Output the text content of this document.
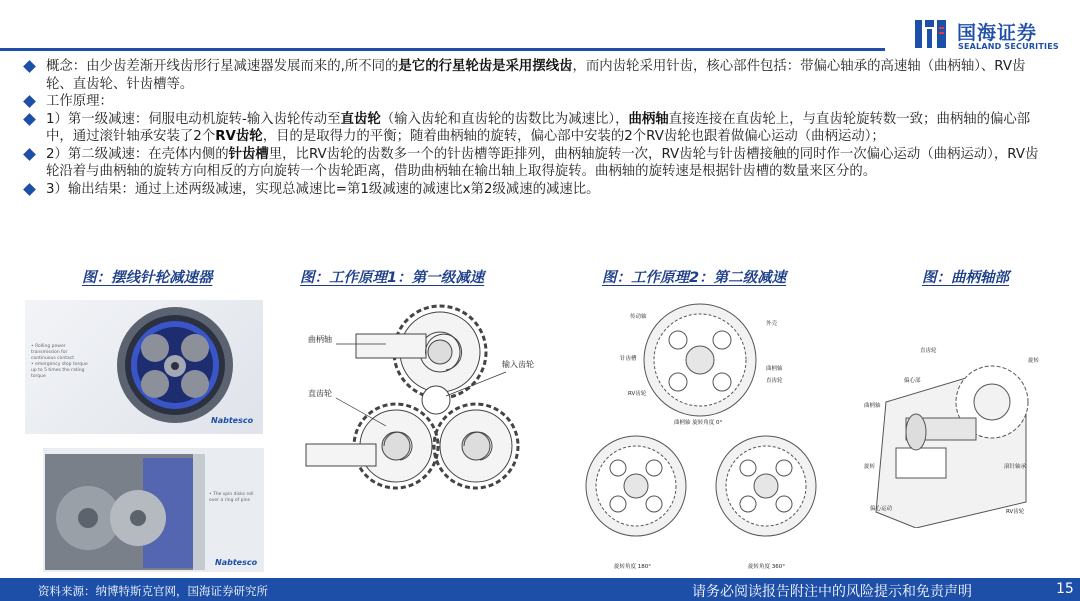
国海证券
SEALAND SECURITIES
概念：由少齿差渐开线齿形行星减速器发展而来的,所不同的是它的行星轮齿是采用摆线齿，而内齿轮采用针齿，核心部件包括：带偏心轴承的高速轴（曲柄轴）、RV齿轮、直齿轮、针齿槽等。
工作原理：
1）第一级减速：伺服电动机旋转-输入齿轮传动至直齿轮（输入齿轮和直齿轮的齿数比为减速比），曲柄轴直接连接在直齿轮上，与直齿轮旋转数一致；曲柄轴的偏心部中，通过滚针轴承安装了2个RV齿轮，目的是取得力的平衡；随着曲柄轴的旋转，偏心部中安装的2个RV齿轮也跟着做偏心运动（曲柄运动）；
2）第二级减速：在壳体内侧的针齿槽里，比RV齿轮的齿数多一个的针齿槽等距排列，曲柄轴旋转一次，RV齿轮与针齿槽接触的同时作一次偏心运动（曲柄运动），RV齿轮沿着与曲柄轴的旋转方向相反的方向旋转一个齿轮距离，借助曲柄轴在输出轴上取得旋转。曲柄轴的旋转速是根据针齿槽的数量来区分的。
3）输出结果：通过上述两级减速，实现总减速比=第1级减速的减速比x第2级减速的减速比。
图：摆线针轮减速器	图：工作原理1：第一级减速	图：工作原理2：第二级减速	图：曲柄轴部
• Rolling power transmission for continuous contact
• emergency stop torque up to 5 times the rating torque
Nabtesco
• The spin disks roll over a ring of pins
Nabtesco
曲柄轴
输入齿轮
直齿轮
传动轴
外壳
针齿槽
曲柄轴
直齿轮
RV齿轮
曲柄轴 旋转角度 0°
旋转角度 180°	旋转角度 360°
直齿轮
旋转
偏心部
曲柄轴
旋转	滚针轴承
偏心运动	RV齿轮
资料来源：纳博特斯克官网，国海证券研究所	请务必阅读报告附注中的风险提示和免责声明	15
